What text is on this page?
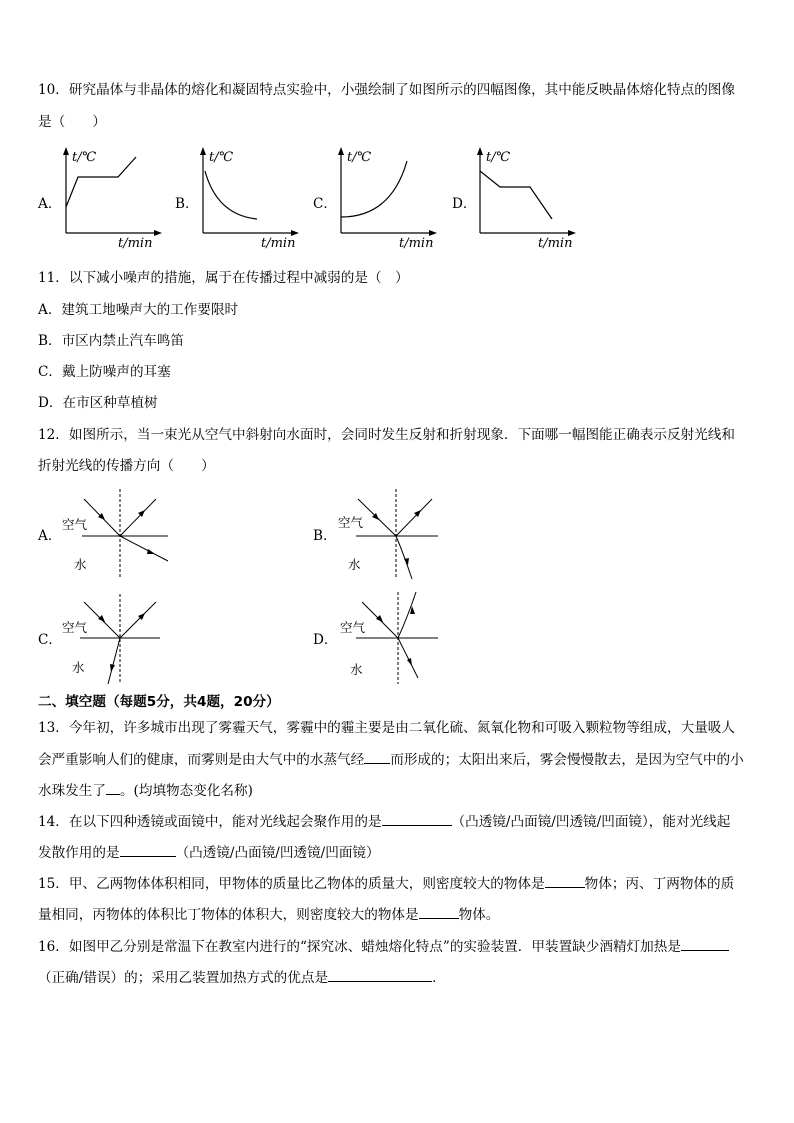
10．研究晶体与非晶体的熔化和凝固特点实验中，小强绘制了如图所示的四幅图像，其中能反映晶体熔化特点的图像
是（　　）
A．
t/℃
t/min
B．
t/℃
t/min
C．
t/℃
t/min
D．
t/℃
t/min
11．以下减小噪声的措施，属于在传播过程中减弱的是（　）
A．建筑工地噪声大的工作要限时
B．市区内禁止汽车鸣笛
C．戴上防噪声的耳塞
D．在市区种草植树
12．如图所示，当一束光从空气中斜射向水面时，会同时发生反射和折射现象．下面哪一幅图能正确表示反射光线和
折射光线的传播方向（　　）
A．
空气
水
B．
空气
水
C．
空气
水
D．
空气
水
二、填空题（每题5分，共4题，20分）
13．今年初，许多城市出现了雾霾天气，雾霾中的霾主要是由二氧化硫、氮氧化物和可吸入颗粒物等组成，大量吸人
会严重影响人们的健康，而雾则是由大气中的水蒸气经 而形成的；太阳出来后，雾会慢慢散去，是因为空气中的小
水珠发生了 。(均填物态变化名称)
14．在以下四种透镜或面镜中，能对光线起会聚作用的是	（凸透镜/凸面镜/凹透镜/凹面镜），能对光线起
发散作用的是	（凸透镜/凸面镜/凹透镜/凹面镜）
15．甲、乙两物体体积相同，甲物体的质量比乙物体的质量大，则密度较大的物体是	物体；丙、丁两物体的质
量相同，丙物体的体积比丁物体的体积大，则密度较大的物体是	物体。
16．如图甲乙分别是常温下在教室内进行的“探究冰、蜡烛熔化特点”的实验装置．甲装置缺少酒精灯加热是
（正确/错误）的；采用乙装置加热方式的优点是	．
